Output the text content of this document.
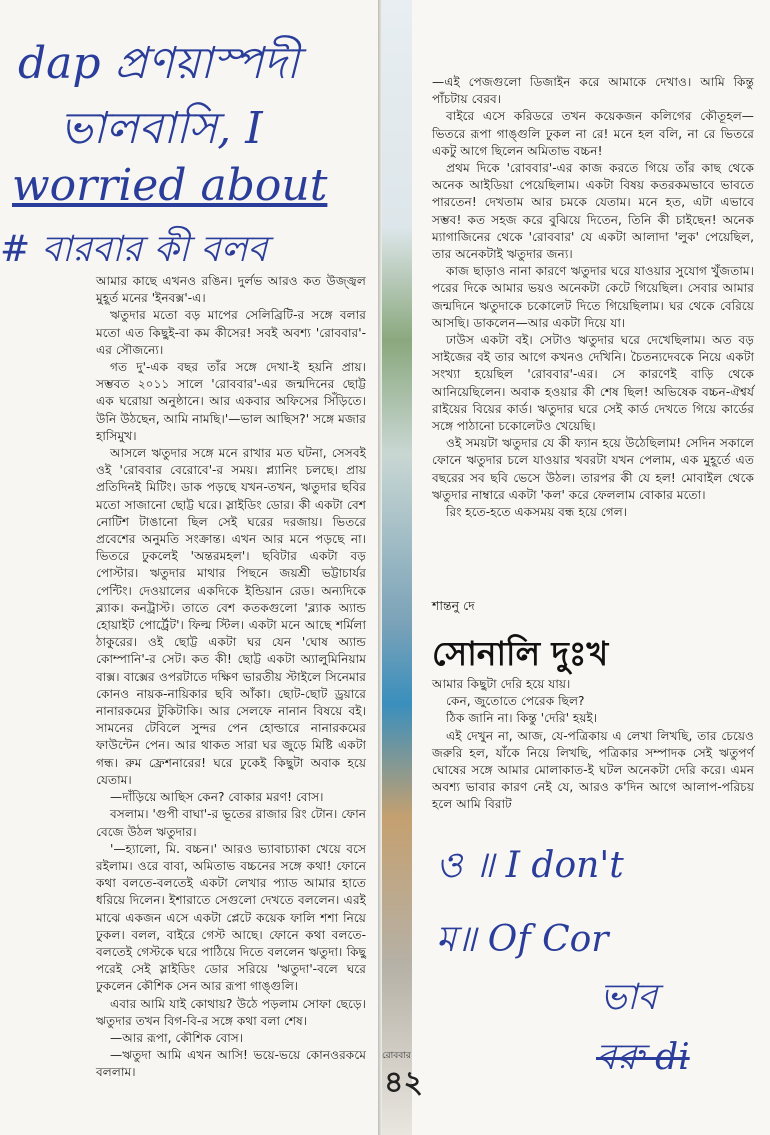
dap প্রণয়াস্পদী
ভালবাসি, I
worried about
# বারবার কী বলব

আমার কাছে এখনও রঙিন। দুর্লভ আরও কত উজ্জ্বল মুহূর্ত মনের 'ইনবক্স'-এ।

ঋতুদার মতো বড় মাপের সেলিব্রিটি-র সঙ্গে বলার মতো এত কিছুই-বা কম কীসের! সবই অবশ্য 'রোববার'-এর সৌজন্যে।

গত দু'-এক বছর তাঁর সঙ্গে দেখা-ই হয়নি প্রায়। সম্ভবত ২০১১ সালে 'রোববার'-এর জন্মদিনের ছোট্ট এক ঘরোয়া অনুষ্ঠানে। আর একবার অফিসের সিঁড়িতে। উনি উঠছেন, আমি নামছি।'—ভাল আছিস?' সঙ্গে মজার হাসিমুখ।

আসলে ঋতুদার সঙ্গে মনে রাখার মত ঘটনা, সেসবই ওই 'রোববার বেরোবে'-র সময়। প্ল্যানিং চলছে। প্রায় প্রতিদিনই মিটিং। ডাক পড়ছে যখন-তখন, ঋতুদার ছবির মতো সাজানো ছোট্ট ঘরে। স্লাইডিং ডোর। কী একটা বেশ নোটিশ টাঙানো ছিল সেই ঘরের দরজায়। ভিতরে প্রবেশের অনুমতি সংক্রান্ত। এখন আর মনে পড়ছে না। ভিতরে ঢুকলেই 'অন্তরমহল'। ছবিটার একটা বড় পোস্টার। ঋতুদার মাথার পিছনে জয়শ্রী ভট্টাচার্যর পেন্টিং। দেওয়ালের একদিকে ইন্ডিয়ান রেড। অন্যদিকে ব্ল্যাক। কনট্রাস্ট। তাতে বেশ কতকগুলো 'ব্ল্যাক অ্যান্ড হোয়াইট পোর্ট্রেট'। ফিল্ম স্টিল। একটা মনে আছে শর্মিলা ঠাকুরের। ওই ছোট্ট একটা ঘর যেন 'ঘোষ অ্যান্ড কোম্পানি'-র সেট। কত কী! ছোট্ট একটা অ্যালুমিনিয়াম বাক্স। বাক্সের ওপরটাতে দক্ষিণ ভারতীয় স্টাইলে সিনেমার কোনও নায়ক-নায়িকার ছবি আঁকা। ছোট-ছোট ড্রয়ারে নানারকমের টুকিটাকি। আর সেলফে নানান বিষয়ে বই। সামনের টেবিলে সুন্দর পেন হোল্ডারে নানারকমের ফাউন্টেন পেন। আর থাকত সারা ঘর জুড়ে মিষ্টি একটা গন্ধ। রুম ফ্রেশনারের! ঘরে ঢুকেই কিছুটা অবাক হয়ে যেতাম।

—দাঁড়িয়ে আছিস কেন? বোকার মরণ! বোস।

বসলাম। 'গুপী বাঘা'-র ভূতের রাজার রিং টোন। ফোন বেজে উঠল ঋতুদার।

'—হ্যালো, মি. বচ্চন।' আরও ভ্যাবাচ্যাকা খেয়ে বসে রইলাম। ওরে বাবা, অমিতাভ বচ্চনের সঙ্গে কথা! ফোনে কথা বলতে-বলতেই একটা লেখার প্যাড আমার হাতে ধরিয়ে দিলেন। ইশারাতে সেগুলো দেখতে বললেন। এরই মাঝে একজন এসে একটা প্লেটে কয়েক ফালি শশা নিয়ে ঢুকল। বলল, বাইরে গেস্ট আছে। ফোনে কথা বলতে-বলতেই গেস্টকে ঘরে পাঠিয়ে দিতে বললেন ঋতুদা। কিছু পরেই সেই স্লাইডিং ডোর সরিয়ে 'ঋতুদা'-বলে ঘরে ঢুকলেন কৌশিক সেন আর রূপা গাঙ্গুলি।

এবার আমি যাই কোথায়? উঠে পড়লাম সোফা ছেড়ে। ঋতুদার তখন বিগ-বি-র সঙ্গে কথা বলা শেষ।

—আর রূপা, কৌশিক বোস।

—ঋতুদা আমি এখন আসি! ভয়ে-ভয়ে কোনওরকমে বললাম।

—এই পেজগুলো ডিজাইন করে আমাকে দেখাও। আমি কিন্তু পাঁচটায় বেরব।

বাইরে এসে করিডরে তখন কয়েকজন কলিগের কৌতূহল—ভিতরে রূপা গাঙ্গুলি ঢুকল না রে! মনে হল বলি, না রে ভিতরে একটু আগে ছিলেন অমিতাভ বচ্চন!

প্রথম দিকে 'রোববার'-এর কাজ করতে গিয়ে তাঁর কাছ থেকে অনেক আইডিয়া পেয়েছিলাম। একটা বিষয় কতরকমভাবে ভাবতে পারতেন! দেখতাম আর চমকে যেতাম। মনে হত, এটা এভাবে সম্ভব! কত সহজ করে বুঝিয়ে দিতেন, তিনি কী চাইছেন! অনেক ম্যাগাজিনের থেকে 'রোববার' যে একটা আলাদা 'লুক' পেয়েছিল, তার অনেকটাই ঋতুদার জন্য।

কাজ ছাড়াও নানা কারণে ঋতুদার ঘরে যাওয়ার সুযোগ খুঁজতাম। পরের দিকে আমার ভয়ও অনেকটা কেটে গিয়েছিল। সেবার আমার জন্মদিনে ঋতুদাকে চকোলেট দিতে গিয়েছিলাম। ঘর থেকে বেরিয়ে আসছি। ডাকলেন—আর একটা দিয়ে যা।

ঢাউস একটা বই। সেটাও ঋতুদার ঘরে দেখেছিলাম। অত বড় সাইজের বই তার আগে কখনও দেখিনি। চৈতন্যদেবকে নিয়ে একটা সংখ্যা হয়েছিল 'রোববার'-এর। সে কারণেই বাড়ি থেকে আনিয়েছিলেন। অবাক হওয়ার কী শেষ ছিল! অভিষেক বচ্চন-ঐশ্বর্য রাইয়ের বিয়ের কার্ড। ঋতুদার ঘরে সেই কার্ড দেখতে গিয়ে কার্ডের সঙ্গে পাঠানো চকোলেটও খেয়েছি।

ওই সময়টা ঋতুদার যে কী ফ্যান হয়ে উঠেছিলাম! সেদিন সকালে ফোনে ঋতুদার চলে যাওয়ার খবরটা যখন পেলাম, এক মুহূর্তে এত বছরের সব ছবি ভেসে উঠল। তারপর কী যে হল! মোবাইল থেকে ঋতুদার নাম্বারে একটা 'কল' করে ফেললাম বোকার মতো।

রিং হতে-হতে একসময় বন্ধ হয়ে গেল।

শান্তনু দে
সোনালি দুঃখ

আমার কিছুটা দেরি হয়ে যায়।

কেন, জুতোতে পেরেক ছিল?

ঠিক জানি না। কিন্তু 'দেরি' হয়ই।

এই দেখুন না, আজ, যে-পত্রিকায় এ লেখা লিখছি, তার চেয়েও জরুরি হল, যাঁকে নিয়ে লিখছি, পত্রিকার সম্পাদক সেই ঋতুপর্ণ ঘোষের সঙ্গে আমার মোলাকাত-ই ঘটল অনেকটা দেরি করে। এমন অবশ্য ভাবার কারণ নেই যে, আরও ক'দিন আগে আলাপ-পরিচয় হলে আমি বিরাট

ও ॥ I don't
ম॥ Of Cor
ভাব
বরু di
রোববার
৪২
